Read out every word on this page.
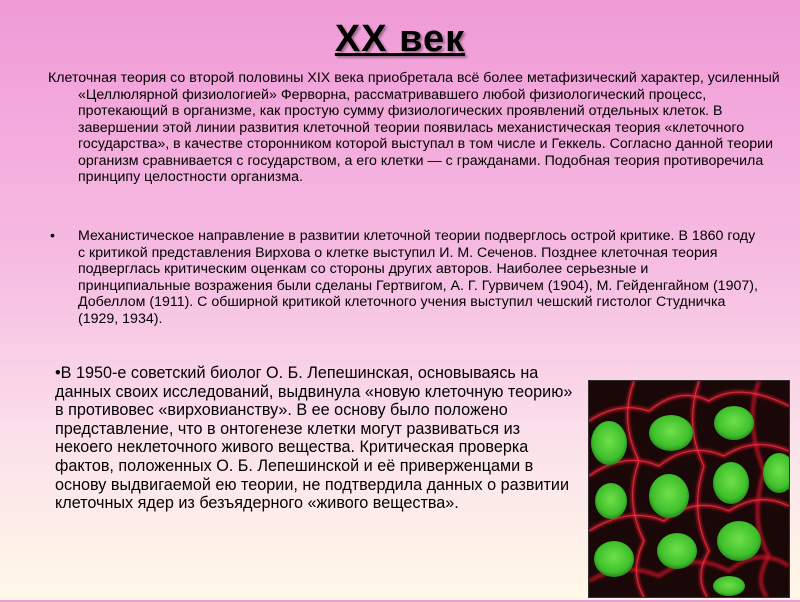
XX век
Клеточная теория со второй половины XIX века приобретала всё более метафизический характер, усиленный «Целлюлярной физиологией» Ферворна, рассматривавшего любой физиологический процесс, протекающий в организме, как простую сумму физиологических проявлений отдельных клеток. В завершении этой линии развития клеточной теории появилась механистическая теория «клеточного государства», в качестве сторонником которой выступал в том числе и Геккель. Согласно данной теории организм сравнивается с государством, а его клетки — с гражданами. Подобная теория противоречила принципу целостности организма.
• Механистическое направление в развитии клеточной теории подверглось острой критике. В 1860 году с критикой представления Вирхова о клетке выступил И. М. Сеченов. Позднее клеточная теория подверглась критическим оценкам со стороны других авторов. Наиболее серьезные и принципиальные возражения были сделаны Гертвигом, А. Г. Гурвичем (1904), М. Гейденгайном (1907), Добеллом (1911). С обширной критикой клеточного учения выступил чешский гистолог Студничка (1929, 1934).
•В 1950-е советский биолог О. Б. Лепешинская, основываясь на данных своих исследований, выдвинула «новую клеточную теорию» в противовес «вирховианству». В ее основу было положено представление, что в онтогенезе клетки могут развиваться из некоего неклеточного живого вещества. Критическая проверка фактов, положенных О. Б. Лепешинской и её приверженцами в основу выдвигаемой ею теории, не подтвердила данных о развитии клеточных ядер из безъядерного «живого вещества».
